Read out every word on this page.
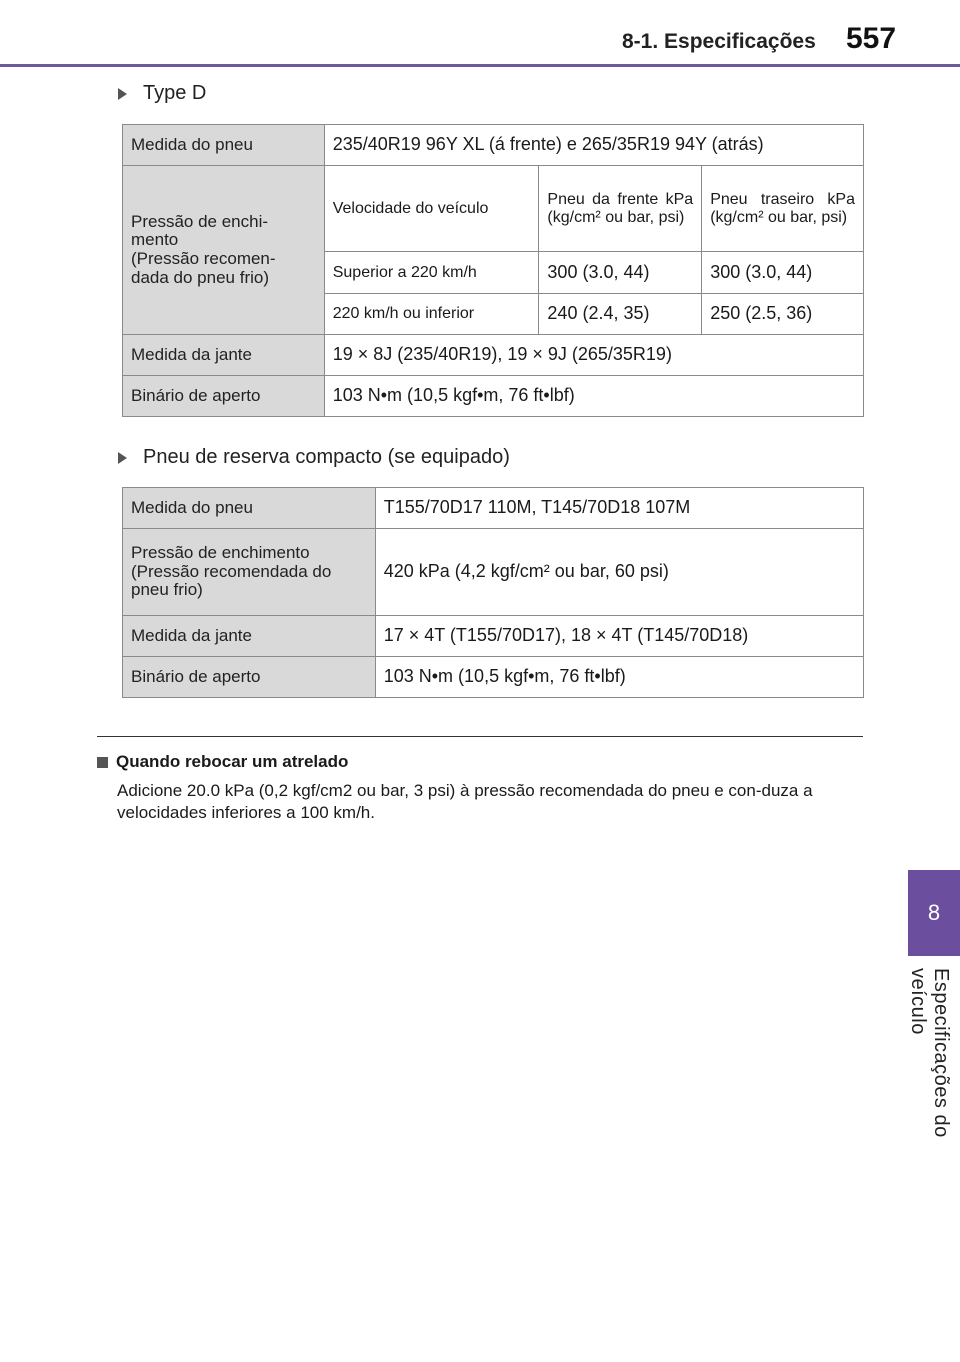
8-1. Especificações 557
8
Especificações do veículo
Type D
Medida do pneu	235/40R19 96Y XL (á frente) e 265/35R19 94Y (atrás)		
Pressão de enchi-
mento
(Pressão recomen-
dada do pneu frio)	Velocidade do veículo	Pneu da frente kPa (kg/cm² ou bar, psi)	Pneu traseiro kPa (kg/cm² ou bar, psi)
	Superior a 220 km/h	300 (3.0, 44)	300 (3.0, 44)
	220 km/h ou inferior	240 (2.4, 35)	250 (2.5, 36)
Medida da jante	19 × 8J (235/40R19), 19 × 9J (265/35R19)		
Binário de aperto	103 N•m (10,5 kgf•m, 76 ft•lbf)		
Pneu de reserva compacto (se equipado)
Medida do pneu	T155/70D17 110M, T145/70D18 107M
Pressão de enchimento
(Pressão recomendada do
pneu frio)	420 kPa (4,2 kgf/cm² ou bar, 60 psi)
Medida da jante	17 × 4T (T155/70D17), 18 × 4T (T145/70D18)
Binário de aperto	103 N•m (10,5 kgf•m, 76 ft•lbf)
Quando rebocar um atrelado
Adicione 20.0 kPa (0,2 kgf/cm2 ou bar, 3 psi) à pressão recomendada do pneu e con-duza a velocidades inferiores a 100 km/h.
